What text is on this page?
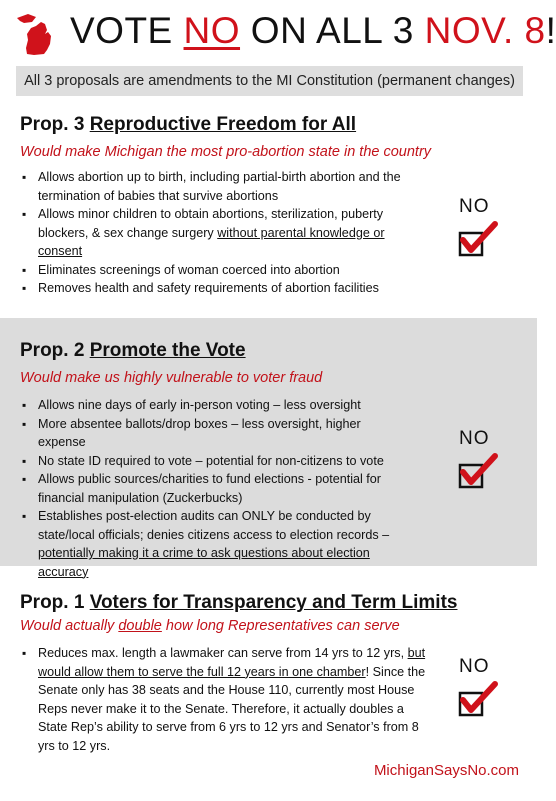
VOTE NO ON ALL 3 NOV. 8!
All 3 proposals are amendments to the MI Constitution (permanent changes)
Prop. 3 Reproductive Freedom for All
Would make Michigan the most pro-abortion state in the country
▪ Allows abortion up to birth, including partial-birth abortion and the termination of babies that survive abortions
▪ Allows minor children to obtain abortions, sterilization, puberty blockers, & sex change surgery without parental knowledge or consent
▪ Eliminates screenings of woman coerced into abortion
▪ Removes health and safety requirements of abortion facilities
NO
Prop. 2 Promote the Vote
Would make us highly vulnerable to voter fraud
▪ Allows nine days of early in-person voting – less oversight
▪ More absentee ballots/drop boxes – less oversight, higher expense
▪ No state ID required to vote – potential for non-citizens to vote
▪ Allows public sources/charities to fund elections - potential for financial manipulation (Zuckerbucks)
▪ Establishes post-election audits can ONLY be conducted by state/local officials; denies citizens access to election records – potentially making it a crime to ask questions about election accuracy
NO
Prop. 1 Voters for Transparency and Term Limits
Would actually double how long Representatives can serve
▪ Reduces max. length a lawmaker can serve from 14 yrs to 12 yrs, but would allow them to serve the full 12 years in one chamber! Since the Senate only has 38 seats and the House 110, currently most House Reps never make it to the Senate. Therefore, it actually doubles a State Rep’s ability to serve from 6 yrs to 12 yrs and Senator’s from 8 yrs to 12 yrs.
NO
MichiganSaysNo.com
